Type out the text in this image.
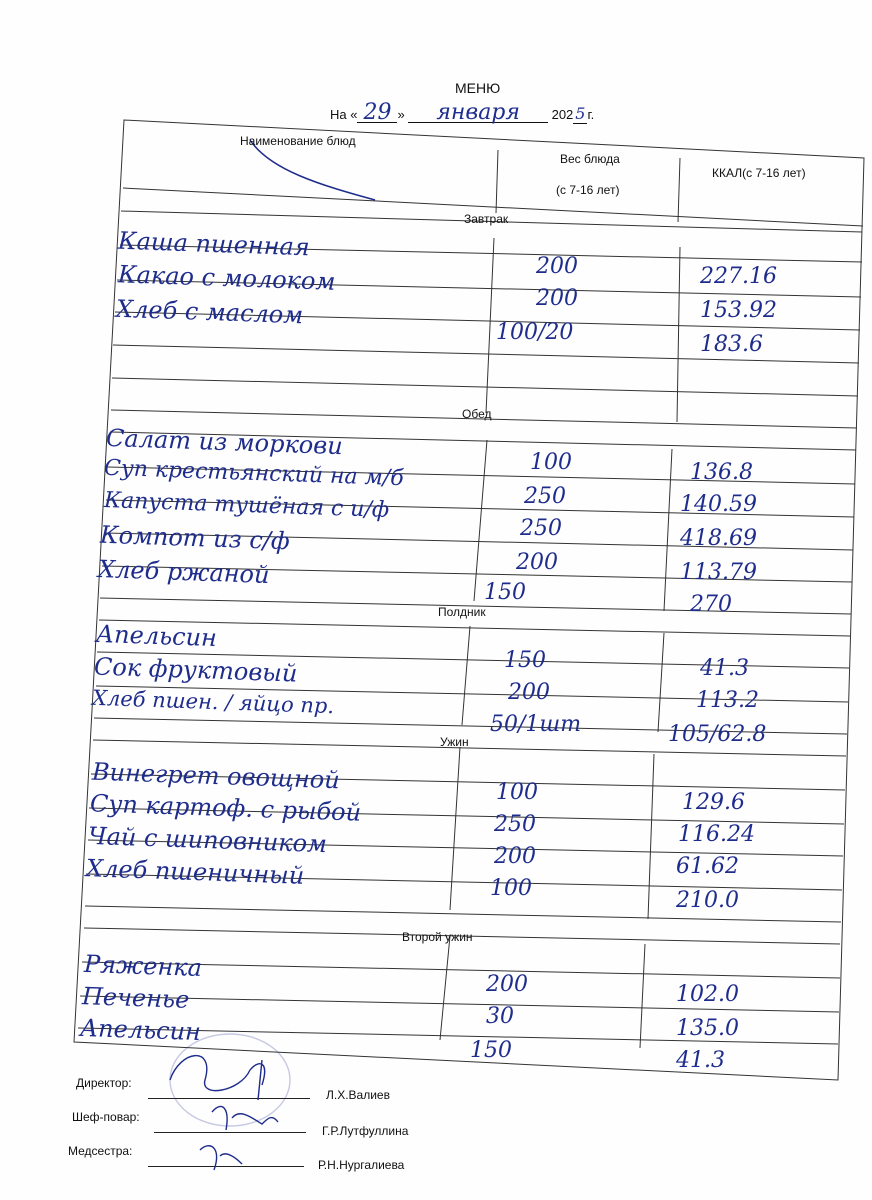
МЕНЮ
На « 29 » января 202 5 г.
Наименование блюд
Вес блюда
(с 7-16 лет)
ККАЛ(с 7-16 лет)
Завтрак
Каша пшенная
Какао с молоком
Хлеб с маслом
200
200
100/20
227.16
153.92
183.6
Обед
Салат из моркови
Суп крестьянский на м/б
Капуста тушёная с и/ф
Компот из с/ф
Хлеб ржаной
100
250
250
200
150
136.8
140.59
418.69
113.79
270
Полдник
Апельсин
Сок фруктовый
Хлеб пшен. / яйцо пр.
150
200
50/1шт
41.3
113.2
105/62.8
Ужин
Винегрет овощной
Суп картоф. с рыбой
Чай с шиповником
Хлеб пшеничный
100
250
200
100
129.6
116.24
61.62
210.0
Второй ужин
Ряженка
Печенье
Апельсин
200
30
150
102.0
135.0
41.3
Директор:
Л.Х.Валиев
Шеф-повар:
Г.Р.Лутфуллина
Медсестра:
Р.Н.Нургалиева
